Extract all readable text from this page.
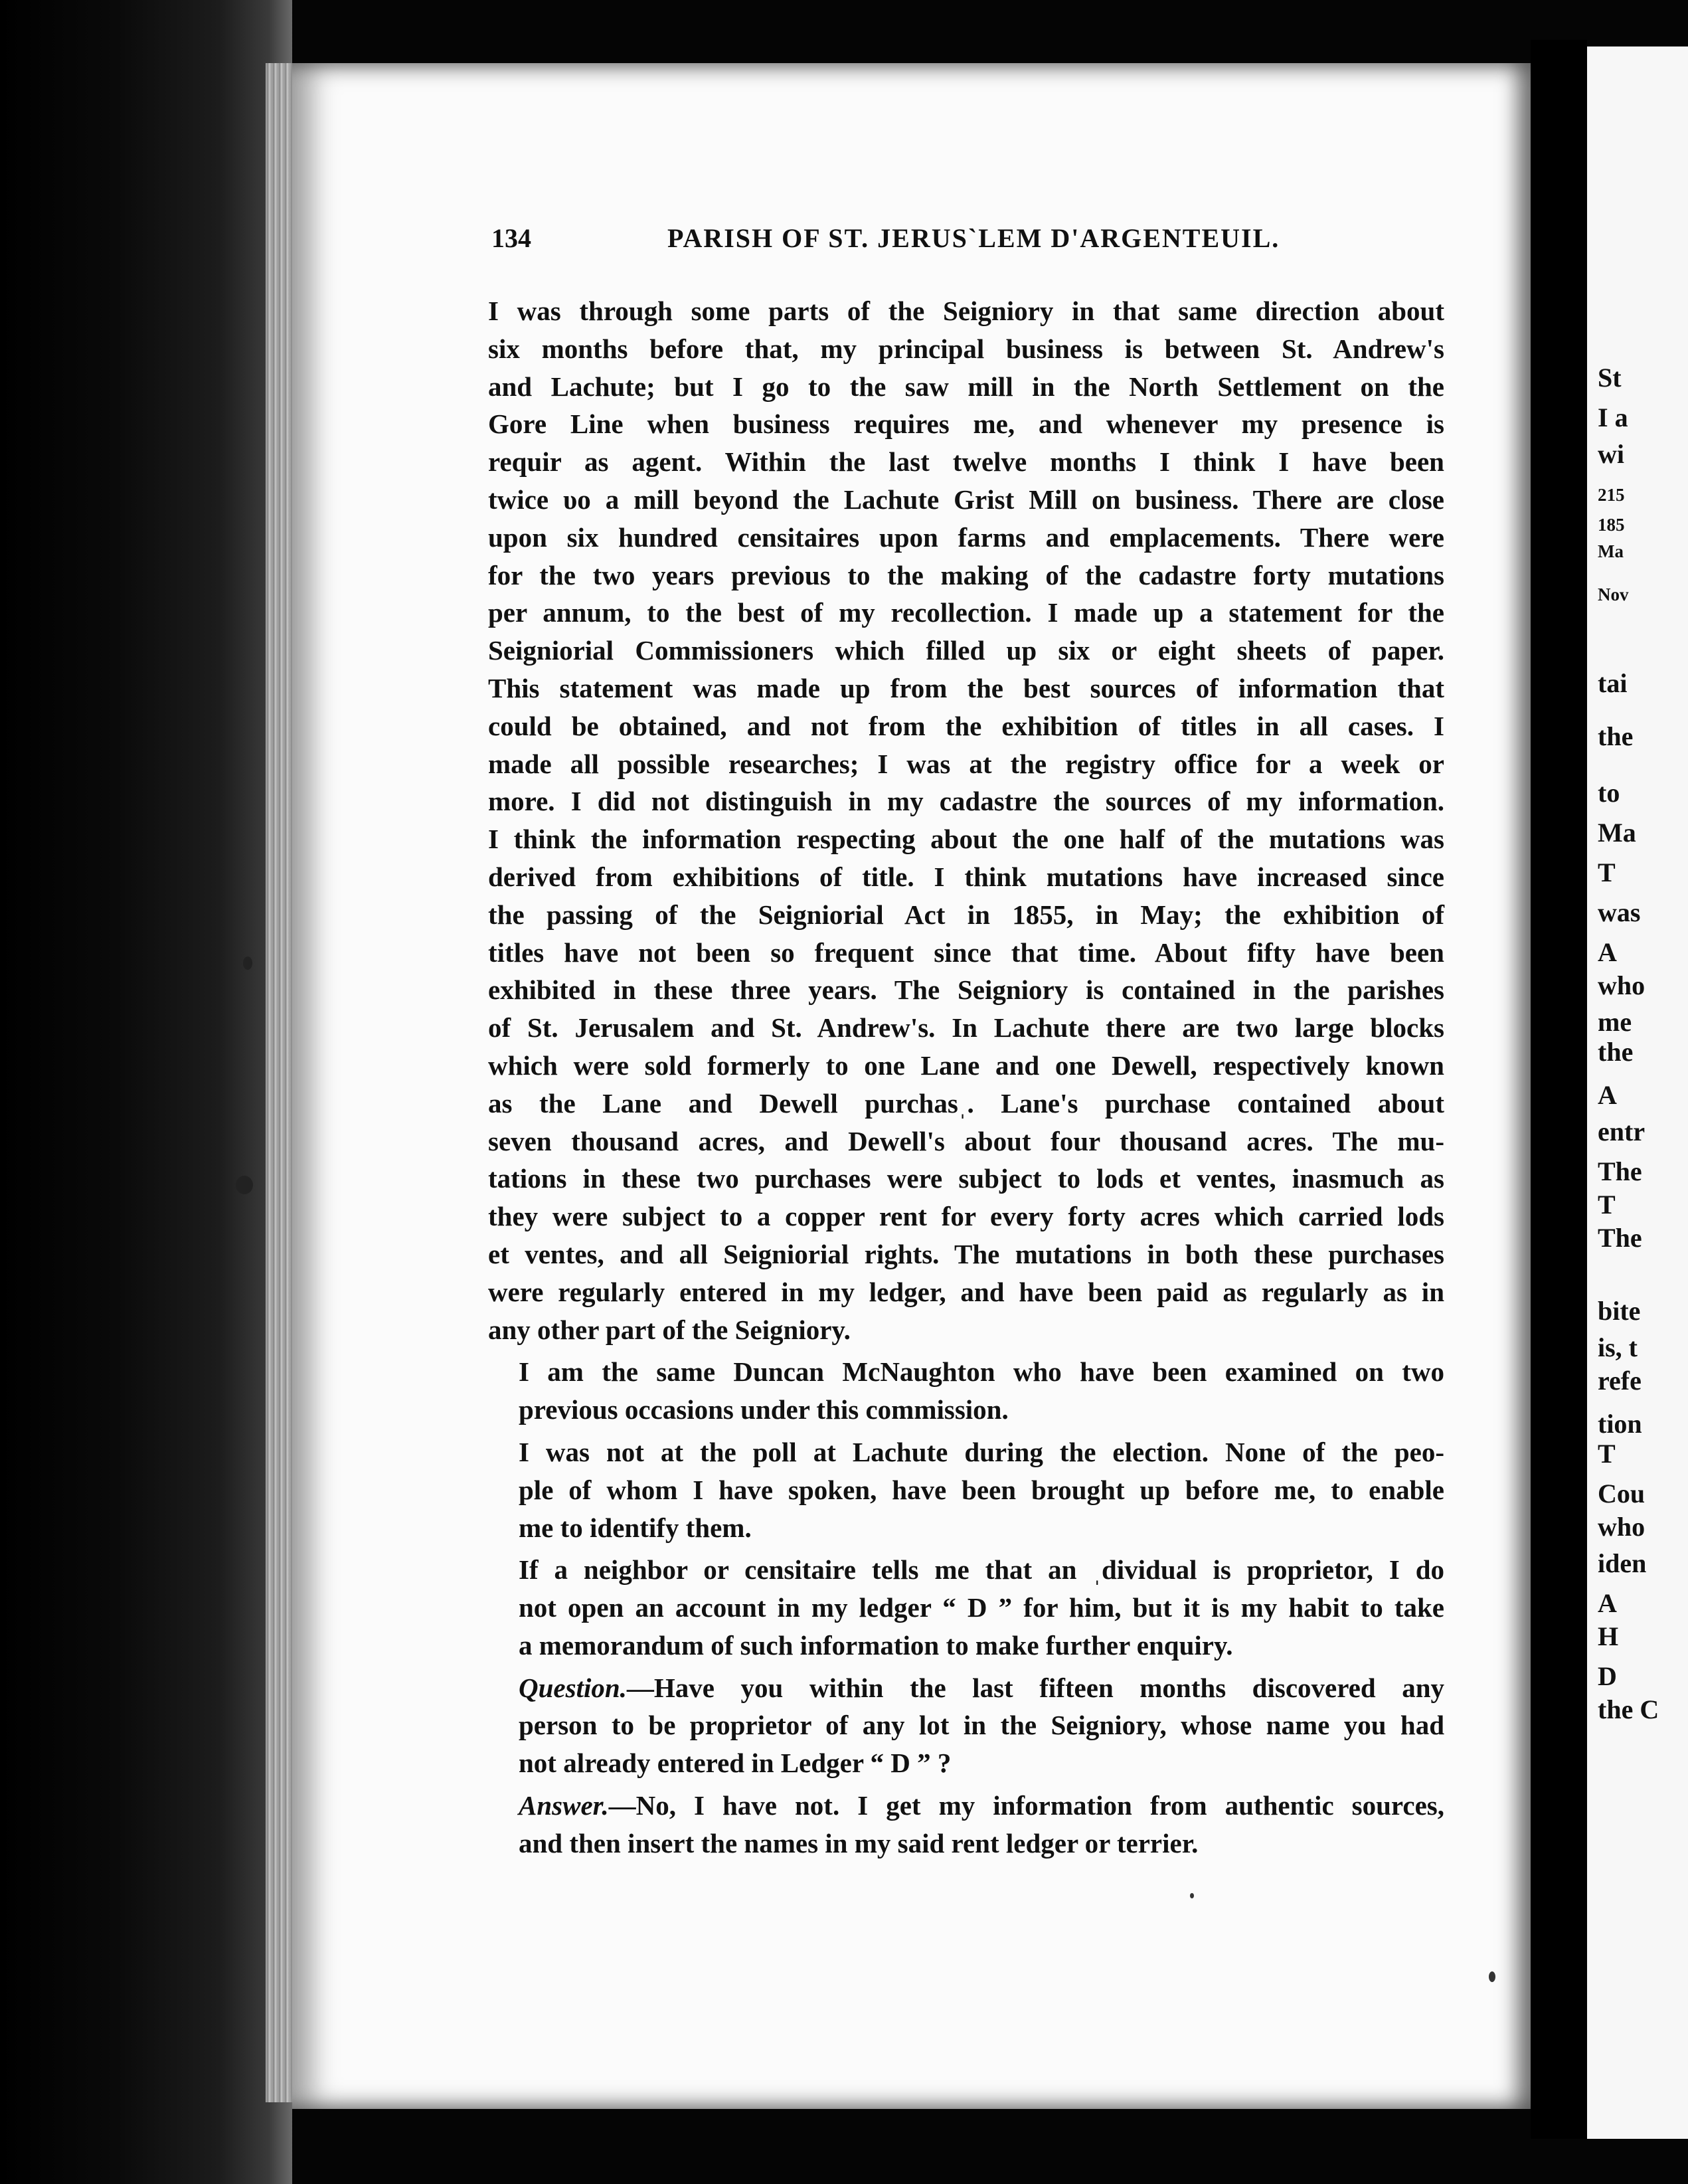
134	PARISH OF ST. JERUSˋLEM D'ARGENTEUIL.

I was through some parts of the Seigniory in that same direction about
six months before that, my principal business is between St. Andrew's
and Lachute; but I go to the saw mill in the North Settlement on the
Gore Line when business requires me, and whenever my presence is
requir as agent. Within the last twelve months I think I have been
twice υo a mill beyond the Lachute Grist Mill on business. There are close
upon six hundred censitaires upon farms and emplacements. There were
for the two years previous to the making of the cadastre forty mutations
per annum, to the best of my recollection. I made up a statement for the
Seigniorial Commissioners which filled up six or eight sheets of paper.
This statement was made up from the best sources of information that
could be obtained, and not from the exhibition of titles in all cases. I
made all possible researches; I was at the registry office for a week or
more. I did not distinguish in my cadastre the sources of my information.
I think the information respecting about the one half of the mutations was
derived from exhibitions of title. I think mutations have increased since
the passing of the Seigniorial Act in 1855, in May; the exhibition of
titles have not been so frequent since that time. About fifty have been
exhibited in these three years. The Seigniory is contained in the parishes
of St. Jerusalem and St. Andrew's. In Lachute there are two large blocks
which were sold formerly to one Lane and one Dewell, respectively known
as the Lane and Dewell purchasˌ. Lane's purchase contained about
seven thousand acres, and Dewell's about four thousand acres. The mu-
tations in these two purchases were subject to lods et ventes, inasmuch as
they were subject to a copper rent for every forty acres which carried lods
et ventes, and all Seigniorial rights. The mutations in both these purchases
were regularly entered in my ledger, and have been paid as regularly as in
any other part of the Seigniory.

I am the same Duncan McNaughton who have been examined on two
previous occasions under this commission.

I was not at the poll at Lachute during the election. None of the peo-
ple of whom I have spoken, have been brought up before me, to enable
me to identify them.

If a neighbor or censitaire tells me that an ˌdividual is proprietor, I do
not open an account in my ledger “ D ” for him, but it is my habit to take
a memorandum of such information to make further enquiry.

Question.—Have you within the last fifteen months discovered any
person to be proprietor of any lot in the Seigniory, whose name you had
not already entered in Ledger “ D ” ?

Answer.—No, I have not. I get my information from authentic sources,
and then insert the names in my said rent ledger or terrier.

St
I a
wi
215
185
Ma
Nov
tai
the
to
Ma
T
was
A
who
me
the
A
entr
The
T
The
bite
is, t
refe
tion
T
Cou
who
iden
A
H
D
the C
